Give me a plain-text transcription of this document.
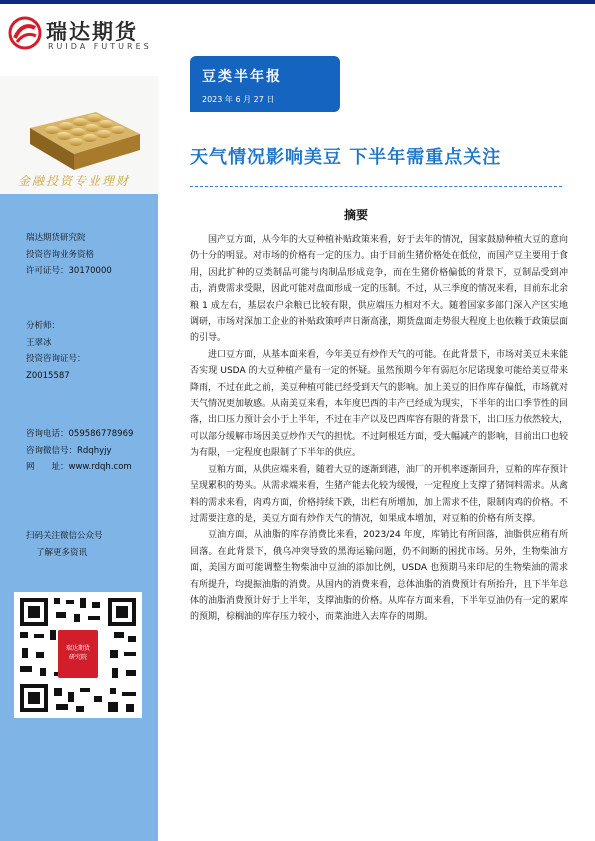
瑞达期货
RUIDA FUTURES
金融投资专业理财
豆类半年报
2023 年 6 月 27 日
天气情况影响美豆 下半年需重点关注
瑞达期货研究院
投资咨询业务资格
许可证号：30170000
分析师：
王翠冰
投资咨询证号：
Z0015587
咨询电话：059586778969
咨询微信号：Rdqhyjy
网　　址：www.rdqh.com
扫码关注微信公众号
了解更多资讯
瑞达期货研究院
摘要

国产豆方面，从今年的大豆种植补贴政策来看，好于去年的情况，国家鼓励种植大豆的意向仍十分的明显。对市场的价格有一定的压力。由于目前生猪价格处在低位，而国产豆主要用于食用，因此扩种的豆类制品可能与肉制品形成竞争，而在生猪价格偏低的背景下，豆制品受到冲击，消费需求受限，因此可能对盘面形成一定的压制。不过，从三季度的情况来看，目前东北余粮 1 成左右，基层农户余粮已比较有限，供应端压力相对不大。随着国家多部门深入产区实地调研，市场对深加工企业的补贴政策呼声日渐高涨，期货盘面走势很大程度上也依赖于政策层面的引导。

进口豆方面，从基本面来看，今年美豆有炒作天气的可能。在此背景下，市场对美豆未来能否实现 USDA 的大豆种植产量有一定的怀疑。虽然预期今年有弱厄尔尼诺现象可能给美豆带来降雨，不过在此之前，美豆种植可能已经受到天气的影响。加上美豆的旧作库存偏低，市场就对天气情况更加敏感。从南美豆来看，本年度巴西的丰产已经成为现实，下半年的出口季节性的回落，出口压力预计会小于上半年，不过在丰产以及巴西库容有限的背景下，出口压力依然较大，可以部分缓解市场因美豆炒作天气的担忧。不过阿根廷方面，受大幅减产的影响，目前出口也较为有限，一定程度也限制了下半年的供应。

豆粕方面，从供应端来看，随着大豆的逐渐到港，油厂的开机率逐渐回升，豆粕的库存预计呈现累积的势头。从需求端来看，生猪产能去化较为缓慢，一定程度上支撑了猪饲料需求。从禽料的需求来看，肉鸡方面，价格持续下跌，出栏有所增加，加上需求不佳，限制肉鸡的价格。不过需要注意的是，美豆方面有炒作天气的情况，如果成本增加，对豆粕的价格有所支撑。

豆油方面，从油脂的库存消费比来看，2023/24 年度，库销比有所回落，油脂供应稍有所回落。在此背景下，俄乌冲突导致的黑海运输问题，仍不间断的困扰市场。另外，生物柴油方面，美国方面可能调整生物柴油中豆油的添加比例，USDA 也预期马来印尼的生物柴油的需求有所提升，均提振油脂的消费。从国内的消费来看，总体油脂的消费预计有所抬升，且下半年总体的油脂消费预计好于上半年，支撑油脂的价格。从库存方面来看，下半年豆油仍有一定的累库的预期，棕榈油的库存压力较小，而菜油进入去库存的周期。
